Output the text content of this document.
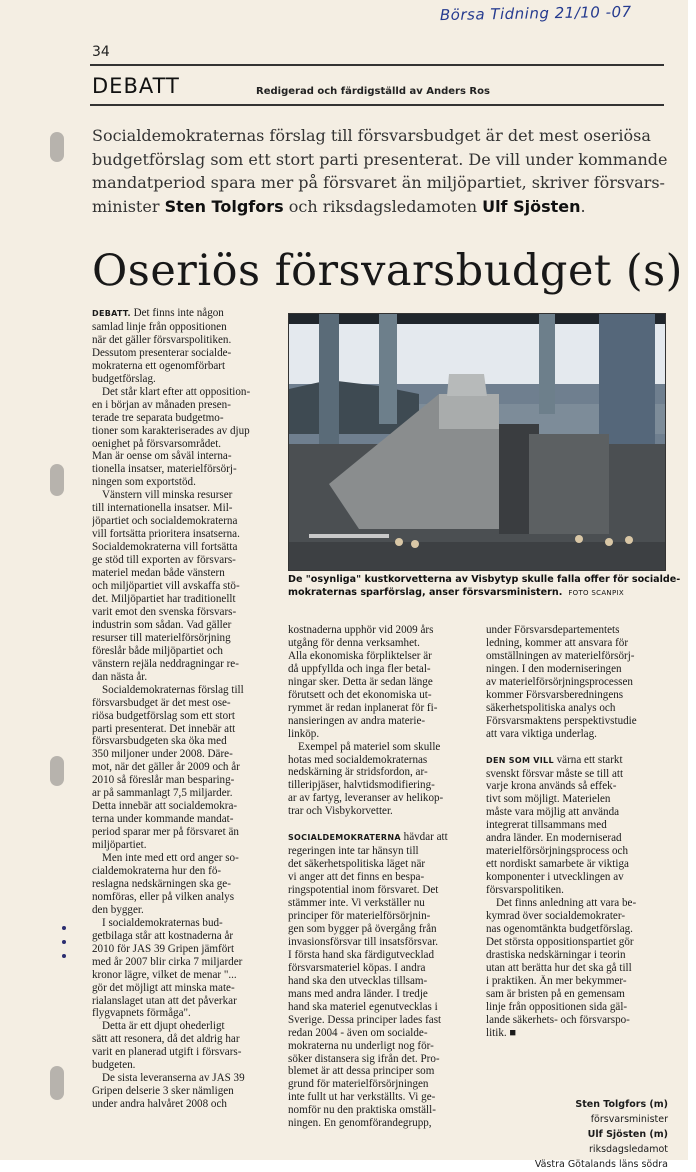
Börsa Tidning 21/10 -07
34
DEBATT	Redigerad och färdigställd av Anders Ros
Socialdemokraternas förslag till försvarsbudget är det mest oseriösa
budgetförslag som ett stort parti presenterat. De vill under kommande
mandatperiod spara mer på försvaret än miljöpartiet, skriver försvars-
minister Sten Tolgfors och riksdagsledamoten Ulf Sjösten.
Oseriös försvarsbudget (s)
De "osynliga" kustkorvetterna av Visbytyp skulle falla offer för socialde-
mokraternas sparförslag, anser försvarsministern. FOTO SCANPIX
DEBATT. Det finns inte någon
samlad linje från oppositionen
när det gäller försvarspolitiken.
Dessutom presenterar socialde-
mokraterna ett ogenomförbart
budgetförslag.
Det står klart efter att opposition-
en i början av månaden presen-
terade tre separata budgetmo-
tioner som karakteriserades av djup
oenighet på försvarsområdet.
Man är oense om såväl interna-
tionella insatser, materielförsörj-
ningen som exportstöd.
Vänstern vill minska resurser
till internationella insatser. Mil-
jöpartiet och socialdemokraterna
vill fortsätta prioritera insatserna.
Socialdemokraterna vill fortsätta
ge stöd till exporten av försvars-
materiel medan både vänstern
och miljöpartiet vill avskaffa stö-
det. Miljöpartiet har traditionellt
varit emot den svenska försvars-
industrin som sådan. Vad gäller
resurser till materielförsörjning
föreslår både miljöpartiet och
vänstern rejäla neddragningar re-
dan nästa år.
Socialdemokraternas förslag till
försvarsbudget är det mest ose-
riösa budgetförslag som ett stort
parti presenterat. Det innebär att
försvarsbudgeten ska öka med
350 miljoner under 2008. Däre-
mot, när det gäller år 2009 och år
2010 så föreslår man besparing-
ar på sammanlagt 7,5 miljarder.
Detta innebär att socialdemokra-
terna under kommande mandat-
period sparar mer på försvaret än
miljöpartiet.
Men inte med ett ord anger so-
cialdemokraterna hur den fö-
reslagna nedskärningen ska ge-
nomföras, eller på vilken analys
den bygger.
I socialdemokraternas bud-
getbilaga står att kostnaderna år
2010 för JAS 39 Gripen jämfört
med år 2007 blir cirka 7 miljarder
kronor lägre, vilket de menar "...
gör det möjligt att minska mate-
rialanslaget utan att det påverkar
flygvapnets förmåga".
Detta är ett djupt ohederligt
sätt att resonera, då det aldrig har
varit en planerad utgift i försvars-
budgeten.
De sista leveranserna av JAS 39
Gripen delserie 3 sker nämligen
under andra halvåret 2008 och
kostnaderna upphör vid 2009 års
utgång för denna verksamhet.
Alla ekonomiska förpliktelser är
då uppfyllda och inga fler betal-
ningar sker. Detta är sedan länge
förutsett och det ekonomiska ut-
rymmet är redan inplanerat för fi-
nansieringen av andra materie-
linköp.
Exempel på materiel som skulle
hotas med socialdemokraternas
nedskärning är stridsfordon, ar-
tilleripjäser, halvtidsmodifiering-
ar av fartyg, leveranser av helikop-
trar och Visbykorvetter.
SOCIALDEMOKRATERNA hävdar att
regeringen inte tar hänsyn till
det säkerhetspolitiska läget när
vi anger att det finns en bespa-
ringspotential inom försvaret. Det
stämmer inte. Vi verkställer nu
principer för materielförsörjnin-
gen som bygger på övergång från
invasionsförsvar till insatsförsvar.
I första hand ska färdigutvecklad
försvarsmateriel köpas. I andra
hand ska den utvecklas tillsam-
mans med andra länder. I tredje
hand ska materiel egenutvecklas i
Sverige. Dessa principer lades fast
redan 2004 - även om socialde-
mokraterna nu underligt nog för-
söker distansera sig ifrån det. Pro-
blemet är att dessa principer som
grund för materielförsörjningen
inte fullt ut har verkställts. Vi ge-
nomför nu den praktiska omställ-
ningen. En genomförandegrupp,
under Försvarsdepartementets
ledning, kommer att ansvara för
omställningen av materielförsörj-
ningen. I den moderniseringen
av materielförsörjningsprocessen
kommer Försvarsberedningens
säkerhetspolitiska analys och
Försvarsmaktens perspektivstudie
att vara viktiga underlag.
DEN SOM VILL värna ett starkt
svenskt försvar måste se till att
varje krona används så effek-
tivt som möjligt. Materielen
måste vara möjlig att använda
integrerat tillsammans med
andra länder. En moderniserad
materielförsörjningsprocess och
ett nordiskt samarbete är viktiga
komponenter i utvecklingen av
försvarspolitiken.
Det finns anledning att vara be-
kymrad över socialdemokrater-
nas ogenomtänkta budgetförslag.
Det största oppositionspartiet gör
drastiska nedskärningar i teorin
utan att berätta hur det ska gå till
i praktiken. Än mer bekymmer-
sam är bristen på en gemensam
linje från oppositionen sida gäl-
lande säkerhets- och försvarspo-
litik. ■
Sten Tolgfors (m)
försvarsminister
Ulf Sjösten (m)
riksdagsledamot
Västra Götalands läns södra
